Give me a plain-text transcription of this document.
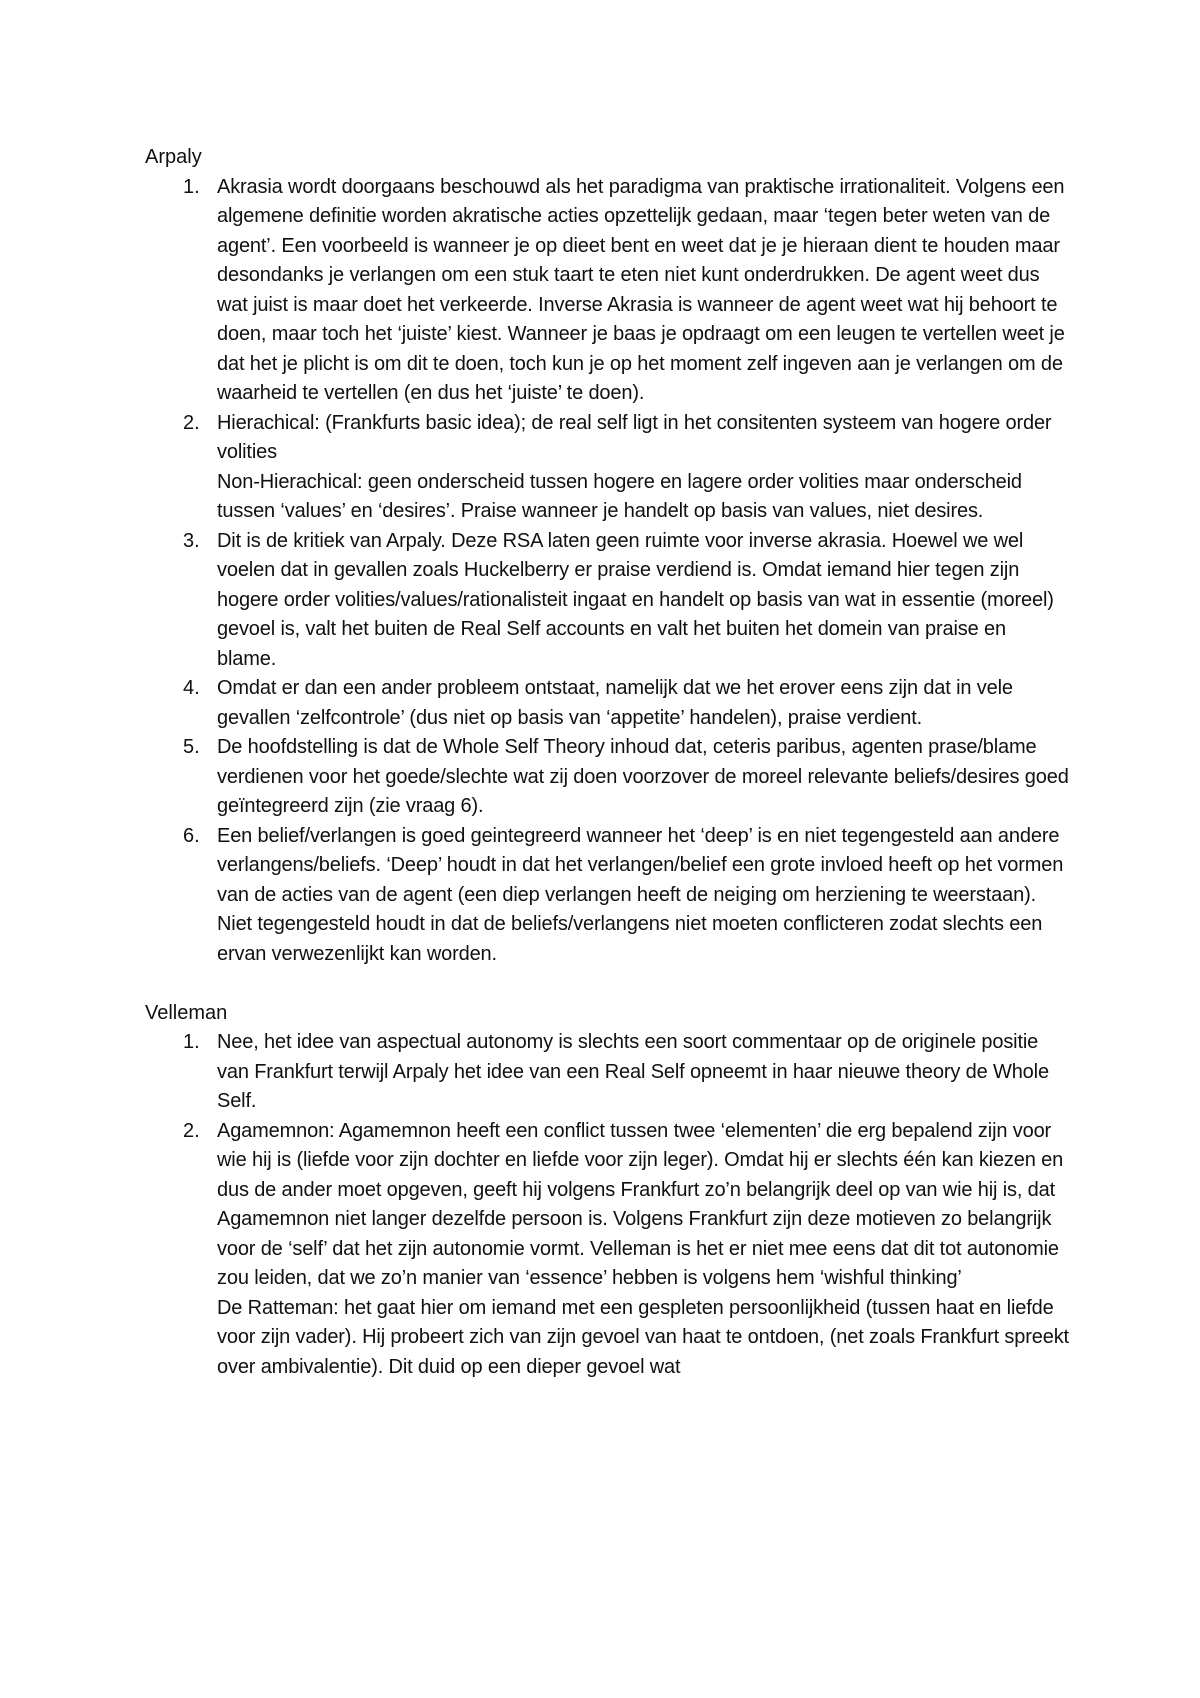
Arpaly
1. Akrasia wordt doorgaans beschouwd als het paradigma van praktische irrationaliteit. Volgens een algemene definitie worden akratische acties opzettelijk gedaan, maar ‘tegen beter weten van de agent’. Een voorbeeld is wanneer je op dieet bent en weet dat je je hieraan dient te houden maar desondanks je verlangen om een stuk taart te eten niet kunt onderdrukken. De agent weet dus wat juist is maar doet het verkeerde. Inverse Akrasia is wanneer de agent weet wat hij behoort te doen, maar toch het ‘juiste’ kiest. Wanneer je baas je opdraagt om een leugen te vertellen weet je dat het je plicht is om dit te doen, toch kun je op het moment zelf ingeven aan je verlangen om de waarheid te vertellen (en dus het ‘juiste’ te doen).
2. Hierachical: (Frankfurts basic idea); de real self ligt in het consitenten systeem van hogere order volities
Non-Hierachical: geen onderscheid tussen hogere en lagere order volities maar onderscheid tussen ‘values’ en ‘desires’. Praise wanneer je handelt op basis van values, niet desires.
3. Dit is de kritiek van Arpaly. Deze RSA laten geen ruimte voor inverse akrasia. Hoewel we wel voelen dat in gevallen zoals Huckelberry er praise verdiend is. Omdat iemand hier tegen zijn hogere order volities/values/rationalisteit ingaat en handelt op basis van wat in essentie (moreel) gevoel is, valt het buiten de Real Self accounts en valt het buiten het domein van praise en blame.
4. Omdat er dan een ander probleem ontstaat, namelijk dat we het erover eens zijn dat in vele gevallen ‘zelfcontrole’ (dus niet op basis van ‘appetite’ handelen), praise verdient.
5. De hoofdstelling is dat de Whole Self Theory inhoud dat, ceteris paribus, agenten prase/blame verdienen voor het goede/slechte wat zij doen voorzover de moreel relevante beliefs/desires goed geïntegreerd zijn (zie vraag 6).
6. Een belief/verlangen is goed geintegreerd wanneer het ‘deep’ is en niet tegengesteld aan andere verlangens/beliefs. ‘Deep’ houdt in dat het verlangen/belief een grote invloed heeft op het vormen van de acties van de agent (een diep verlangen heeft de neiging om herziening te weerstaan). Niet tegengesteld houdt in dat de beliefs/verlangens niet moeten conflicteren zodat slechts een ervan verwezenlijkt kan worden.
Velleman
1. Nee, het idee van aspectual autonomy is slechts een soort commentaar op de originele positie van Frankfurt terwijl Arpaly het idee van een Real Self opneemt in haar nieuwe theory de Whole Self.
2. Agamemnon: Agamemnon heeft een conflict tussen twee ‘elementen’ die erg bepalend zijn voor wie hij is (liefde voor zijn dochter en liefde voor zijn leger). Omdat hij er slechts één kan kiezen en dus de ander moet opgeven, geeft hij volgens Frankfurt zo’n belangrijk deel op van wie hij is, dat Agamemnon niet langer dezelfde persoon is. Volgens Frankfurt zijn deze motieven zo belangrijk voor de ‘self’ dat het zijn autonomie vormt. Velleman is het er niet mee eens dat dit tot autonomie zou leiden, dat we zo’n manier van ‘essence’ hebben is volgens hem ‘wishful thinking’
De Ratteman: het gaat hier om iemand met een gespleten persoonlijkheid (tussen haat en liefde voor zijn vader). Hij probeert zich van zijn gevoel van haat te ontdoen, (net zoals Frankfurt spreekt over ambivalentie). Dit duid op een dieper gevoel wat
